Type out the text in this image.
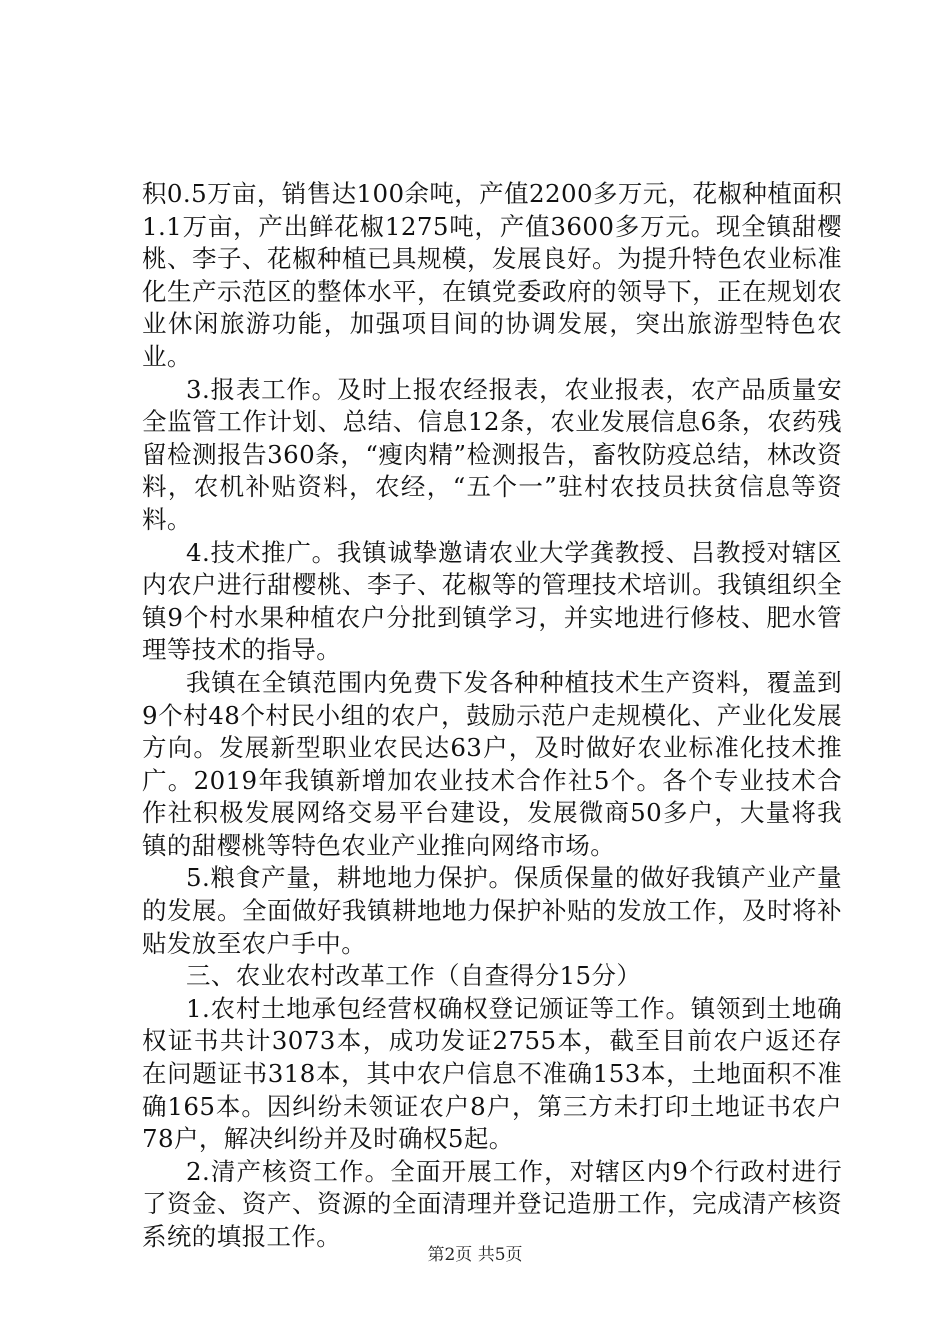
积0.5万亩，销售达100余吨，产值2200多万元，花椒种植面积1.1万亩，产出鲜花椒1275吨，产值3600多万元。现全镇甜樱桃、李子、花椒种植已具规模，发展良好。为提升特色农业标准化生产示范区的整体水平，在镇党委政府的领导下，正在规划农业休闲旅游功能，加强项目间的协调发展，突出旅游型特色农业。

3.报表工作。及时上报农经报表，农业报表，农产品质量安全监管工作计划、总结、信息12条，农业发展信息6条，农药残留检测报告360条，“瘦肉精”检测报告，畜牧防疫总结，林改资料，农机补贴资料，农经，“五个一”驻村农技员扶贫信息等资料。

4.技术推广。我镇诚挚邀请农业大学龚教授、吕教授对辖区内农户进行甜樱桃、李子、花椒等的管理技术培训。我镇组织全镇9个村水果种植农户分批到镇学习，并实地进行修枝、肥水管理等技术的指导。

我镇在全镇范围内免费下发各种种植技术生产资料，覆盖到9个村48个村民小组的农户，鼓励示范户走规模化、产业化发展方向。发展新型职业农民达63户，及时做好农业标准化技术推广。2019年我镇新增加农业技术合作社5个。各个专业技术合作社积极发展网络交易平台建设，发展微商50多户，大量将我镇的甜樱桃等特色农业产业推向网络市场。

5.粮食产量，耕地地力保护。保质保量的做好我镇产业产量的发展。全面做好我镇耕地地力保护补贴的发放工作，及时将补贴发放至农户手中。

三、农业农村改革工作（自查得分15分）

1.农村土地承包经营权确权登记颁证等工作。镇领到土地确权证书共计3073本，成功发证2755本，截至目前农户返还存在问题证书318本，其中农户信息不准确153本，土地面积不准确165本。因纠纷未领证农户8户，第三方未打印土地证书农户78户，解决纠纷并及时确权5起。

2.清产核资工作。全面开展工作，对辖区内9个行政村进行了资金、资产、资源的全面清理并登记造册工作，完成清产核资系统的填报工作。

第2页 共5页
